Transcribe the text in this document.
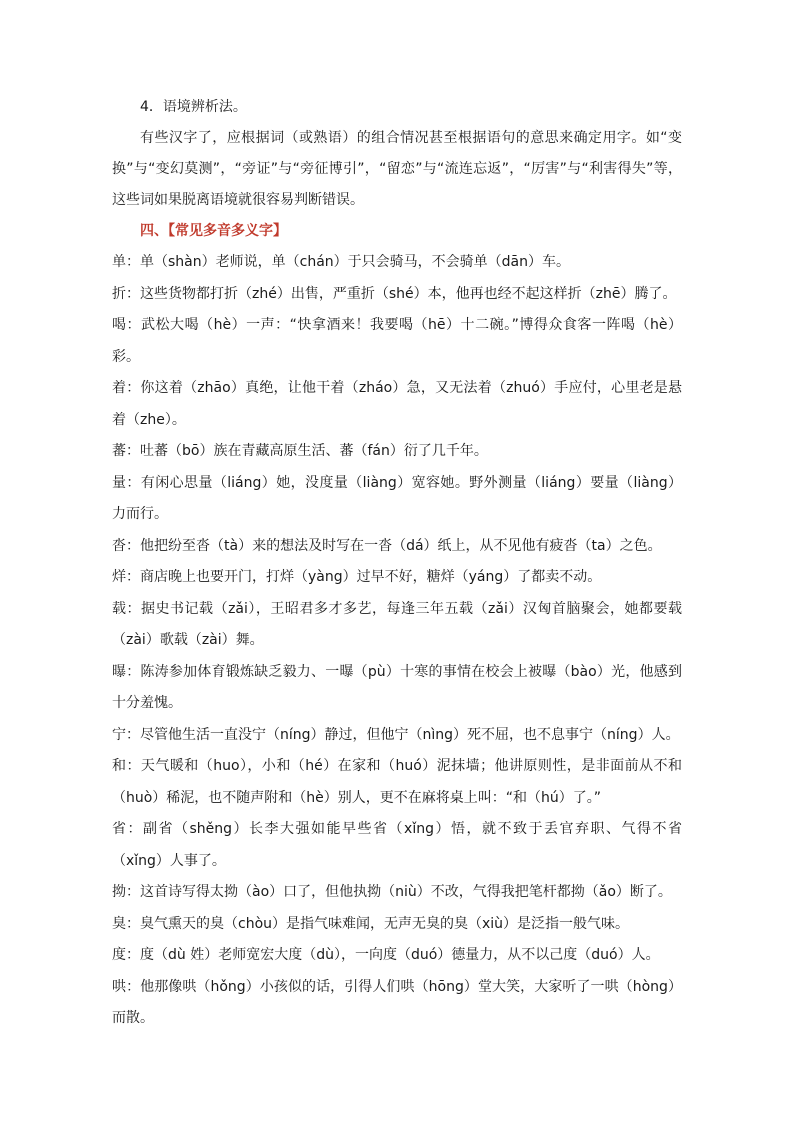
4．语境辨析法。
有些汉字了，应根据词（或熟语）的组合情况甚至根据语句的意思来确定用字。如“变换”与“变幻莫测”，“旁证”与“旁征博引”，“留恋”与“流连忘返”，“厉害”与“利害得失”等，这些词如果脱离语境就很容易判断错误。
四、【常见多音多义字】
单：单（shàn）老师说，单（chán）于只会骑马，不会骑单（dān）车。
折：这些货物都打折（zhé）出售，严重折（shé）本，他再也经不起这样折（zhē）腾了。
喝：武松大喝（hè）一声：“快拿酒来！我要喝（hē）十二碗。”博得众食客一阵喝（hè）彩。
着：你这着（zhāo）真绝，让他干着（zháo）急，又无法着（zhuó）手应付，心里老是悬着（zhe）。
蕃：吐蕃（bō）族在青藏高原生活、蕃（fán）衍了几千年。
量：有闲心思量（liáng）她，没度量（liàng）宽容她。野外测量（liáng）要量（liàng）力而行。
沓：他把纷至沓（tà）来的想法及时写在一沓（dá）纸上，从不见他有疲沓（ta）之色。
烊：商店晚上也要开门，打烊（yàng）过早不好，糖烊（yáng）了都卖不动。
载：据史书记载（zǎi），王昭君多才多艺，每逢三年五载（zǎi）汉匈首脑聚会，她都要载（zài）歌载（zài）舞。
曝：陈涛参加体育锻炼缺乏毅力、一曝（pù）十寒的事情在校会上被曝（bào）光，他感到十分羞愧。
宁：尽管他生活一直没宁（níng）静过，但他宁（nìng）死不屈，也不息事宁（níng）人。
和：天气暖和（huo），小和（hé）在家和（huó）泥抹墙；他讲原则性，是非面前从不和（huò）稀泥，也不随声附和（hè）别人，更不在麻将桌上叫：“和（hú）了。”
省：副省（shěng）长李大强如能早些省（xǐng）悟，就不致于丢官弃职、气得不省（xǐng）人事了。
拗：这首诗写得太拗（ào）口了，但他执拗（niù）不改，气得我把笔杆都拗（ǎo）断了。
臭：臭气熏天的臭（chòu）是指气味难闻，无声无臭的臭（xiù）是泛指一般气味。
度：度（dù 姓）老师宽宏大度（dù），一向度（duó）德量力，从不以己度（duó）人。
哄：他那像哄（hǒng）小孩似的话，引得人们哄（hōng）堂大笑，大家听了一哄（hòng）而散。
